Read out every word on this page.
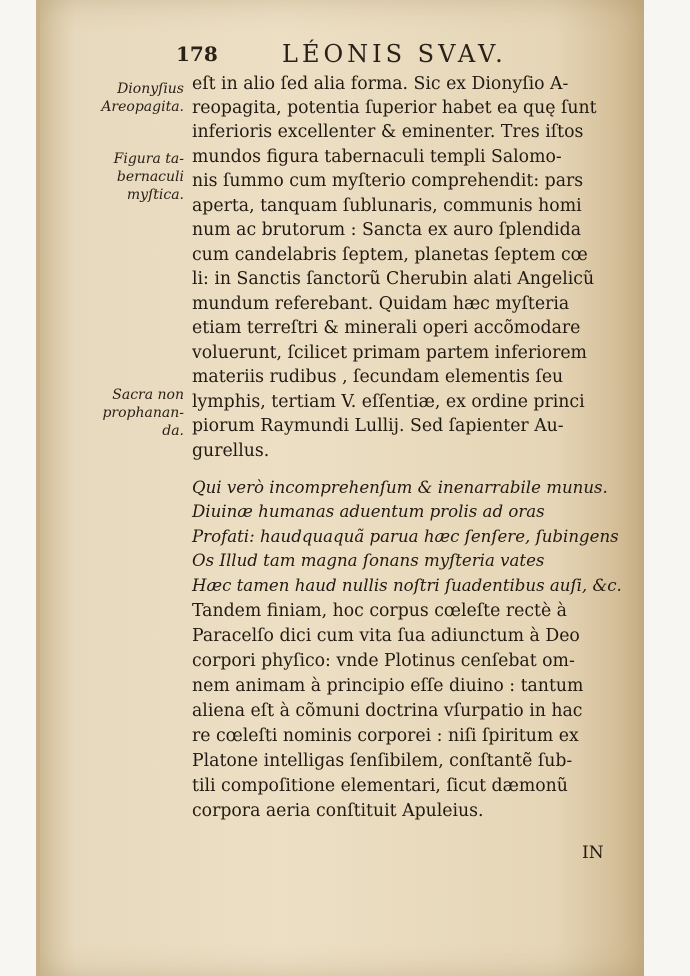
178	LÉONIS SVAV.
Dionyſius
Areopagita.
Figura ta-
bernaculi
myſtica.
Sacra non
prophanan-
da.
eſt in alio ſed alia forma. Sic ex Dionyſio A-
reopagita, potentia ſuperior habet ea quę ſunt
inferioris excellenter & eminenter. Tres iſtos
mundos figura tabernaculi templi Salomo-
nis ſummo cum myſterio comprehendit: pars
aperta, tanquam ſublunaris, communis homi
num ac brutorum : Sancta ex auro ſplendida
cum candelabris ſeptem, planetas ſeptem cœ
li: in Sanctis ſanctorũ Cherubin alati Angelicũ
mundum referebant. Quidam hæc myſteria
etiam terreſtri & minerali operi accõmodare
voluerunt, ſcilicet primam partem inferiorem
materiis rudibus , ſecundam elementis ſeu
lymphis, tertiam V. eſſentiæ, ex ordine princi
piorum Raymundi Lullij. Sed ſapienter Au-
gurellus.
Qui verò incomprehenſum & inenarrabile munus.
Diuinæ humanas aduentum prolis ad oras
Profati: haudquaquã parua hæc ſenſere, ſubingens
Os Illud tam magna ſonans myſteria vates
Hæc tamen haud nullis noſtri ſuadentibus auſi, &c.
Tandem finiam, hoc corpus cœleſte rectè à
Paracelſo dici cum vita ſua adiunctum à Deo
corpori phyſico: vnde Plotinus cenſebat om-
nem animam à principio eſſe diuino : tantum
aliena eſt à cõmuni doctrina vſurpatio in hac
re cœleſti nominis corporei : niſi ſpiritum ex
Platone intelligas ſenſibilem, conſtantẽ ſub-
tili compoſitione elementari, ſicut dæmonũ
corpora aeria conſtituit Apuleius.
IN
